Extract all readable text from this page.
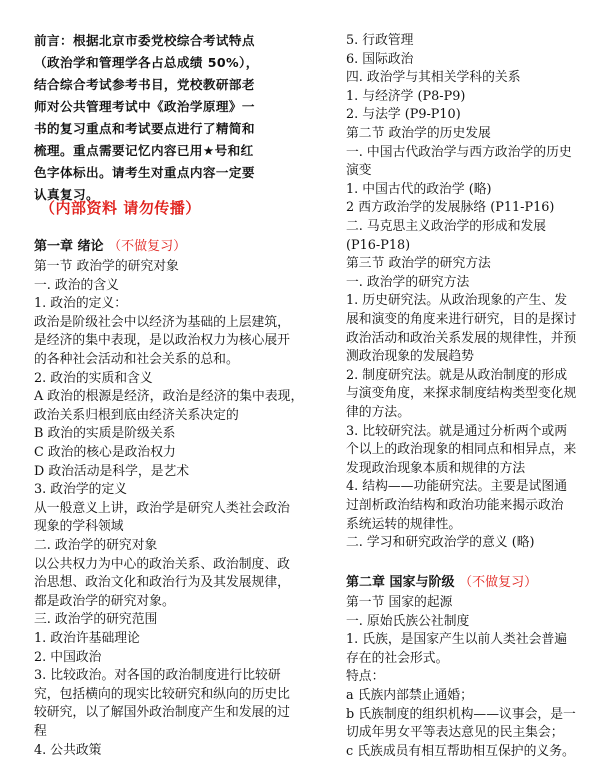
前言：根据北京市委党校综合考试特点
（政治学和管理学各占总成绩 50%），
结合综合考试参考书目，党校教研部老
师对公共管理考试中《政治学原理》一
书的复习重点和考试要点进行了精简和
梳理。重点需要记忆内容已用★号和红
色字体标出。请考生对重点内容一定要
认真复习。
（内部资料 请勿传播）
第一章 绪论 （不做复习）
第一节 政治学的研究对象
一. 政治的含义
1. 政治的定义：
政治是阶级社会中以经济为基础的上层建筑，
是经济的集中表现，是以政治权力为核心展开
的各种社会活动和社会关系的总和。
2. 政治的实质和含义
A 政治的根源是经济，政治是经济的集中表现，
政治关系归根到底由经济关系决定的
B 政治的实质是阶级关系
C 政治的核心是政治权力
D 政治活动是科学，是艺术
3. 政治学的定义
从一般意义上讲，政治学是研究人类社会政治
现象的学科领域
二. 政治学的研究对象
以公共权力为中心的政治关系、政治制度、政
治思想、政治文化和政治行为及其发展规律，
都是政治学的研究对象。
三. 政治学的研究范围
1. 政治许基础理论
2. 中国政治
3. 比较政治。对各国的政治制度进行比较研
究，包括横向的现实比较研究和纵向的历史比
较研究，以了解国外政治制度产生和发展的过
程
4. 公共政策
5. 行政管理
6. 国际政治
四. 政治学与其相关学科的关系
1. 与经济学 (P8-P9)
2. 与法学 (P9-P10)
第二节 政治学的历史发展
一. 中国古代政治学与西方政治学的历史
演变
1. 中国古代的政治学 (略)
2 西方政治学的发展脉络 (P11-P16)
二. 马克思主义政治学的形成和发展
(P16-P18)
第三节 政治学的研究方法
一. 政治学的研究方法
1. 历史研究法。从政治现象的产生、发
展和演变的角度来进行研究，目的是探讨
政治活动和政治关系发展的规律性，并预
测政治现象的发展趋势
2. 制度研究法。就是从政治制度的形成
与演变角度，来探求制度结构类型变化规
律的方法。
3. 比较研究法。就是通过分析两个或两
个以上的政治现象的相同点和相异点，来
发现政治现象本质和规律的方法
4. 结构——功能研究法。主要是试图通
过剖析政治结构和政治功能来揭示政治
系统运转的规律性。
二. 学习和研究政治学的意义 (略)
第二章 国家与阶级 （不做复习）
第一节 国家的起源
一. 原始氏族公社制度
1. 氏族，是国家产生以前人类社会普遍
存在的社会形式。
特点：
a 氏族内部禁止通婚；
b 氏族制度的组织机构——议事会，是一
切成年男女平等表达意见的民主集会；
c 氏族成员有相互帮助相互保护的义务。
